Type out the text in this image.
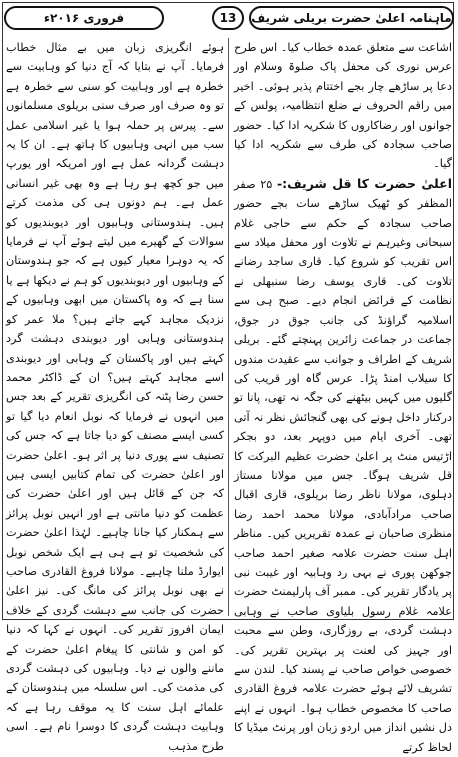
فروری ۲۰۱۶ء	13 ماہنامہ اعلیٰ حضرت بریلی شریف

اشاعت سے متعلق عمدہ خطاب کیا۔ اس طرح عرس نوری کی محفل پاک صلوۃ وسلام اور دعا پر ساڑھے چار بجے اختتام پذیر ہوئی۔ اخیر میں راقم الحروف نے ضلع انتظامیہ، پولس کے جوانوں اور رضاکاروں کا شکریہ ادا کیا۔ حضور صاحب سجادہ کی طرف سے شکریہ ادا کیا گیا۔

اعلیٰ حضرت کا قل شریف:- ۲۵ صفر المظفر کو ٹھیک ساڑھے سات بجے حضور صاحب سجادہ کے حکم سے حاجی غلام سبحانی وغیرہم نے تلاوت اور محفل میلاد سے اس تقریب کو شروع کیا۔ قاری ساجد رضانے تلاوت کی۔ قاری یوسف رضا سنبھلی نے نظامت کے فرائض انجام دیے۔ صبح ہی سے اسلامیہ گراؤنڈ کی جانب جوق در جوق، جماعت در جماعت زائرین پہنچتے گئے۔ بریلی شریف کے اطراف و جوانب سے عقیدت مندوں کا سیلاب امنڈ پڑا۔ عرس گاہ اور قریب کی گلیوں میں کہیں بیٹھنے کی جگہ نہ تھی، پانا تو درکنار داخل ہونے کی بھی گنجائش نظر نہ آتی تھی۔ آخری ایام میں دوپہر بعد، دو بجکر اڑتیس منٹ پر اعلیٰ حضرت عظیم البرکت کا قل شریف ہوگا۔ جس میں مولانا مستاز دہلوی، مولانا ناظر رضا بریلوی، قاری اقبال صاحب مرادآبادی، مولانا محمد احمد رضا منظری صاحبان نے عمدہ تقریریں کیں۔ مناظر اہل سنت حضرت علامہ صغیر احمد صاحب جوکھن پوری نے بہی رد وہابیہ اور غیبت نبی پر یادگار تقریر کی۔ ممبر آف پارلیمنٹ حضرت علامہ غلام رسول بلیاوی صاحب نے وہابی دہشت گردی، بے روزگاری، وطن سے محبت اور جہیز کی لعنت پر بہترین تقریر کی۔ خصوصی خواص صاحب نے پسند کیا۔ لندن سے تشریف لائے ہوئے حضرت علامہ فروغ القادری صاحب کا مخصوص خطاب ہوا۔ انہوں نے اپنے دل نشیں انداز میں اردو زبان اور پرنٹ میڈیا کا لحاظ کرتے

ہوئے انگریزی زبان میں بے مثال خطاب فرمایا۔ آپ نے بتایا کہ آج دنیا کو وہابیت سے خطرہ ہے اور وہابیت کو سنی سے خطرہ ہے تو وہ صرف اور صرف سنی بریلوی مسلمانوں سے۔ پیرس پر حملہ ہوا یا غیر اسلامی عمل سب میں انہی وہابیوں کا ہاتھ ہے۔ ان کا یہ دہشت گردانہ عمل ہے اور امریکہ اور یورپ میں جو کچھ ہو رہا ہے وہ بھی غیر انسانی عمل ہے۔ ہم دونوں ہی کی مذمت کرتے ہیں۔ ہندوستانی وہابیوں اور دیوبندیوں کو سوالات کے گھیرے میں لیتے ہوئے آپ نے فرمایا کہ یہ دوہرا معیار کیوں ہے کہ جو ہندوستان کے وہابیوں اور دیوبندیوں کو ہم نے دیکھا ہے یا سنا ہے کہ وہ پاکستان میں ابھی وہابیوں کے نزدیک مجاہد کہے جاتے ہیں؟ ملا عمر کو ہندوستانی وہابی اور دیوبندی دہشت گرد کہتے ہیں اور پاکستان کے وہابی اور دیوبندی اسے مجاہد کہتے ہیں؟ ان کے ڈاکٹر محمد حسن رضا پٹنہ کی انگریزی تقریر کے بعد جس میں انہوں نے فرمایا کہ نوبل انعام دیا گیا تو کسی ایسے مصنف کو دیا جاتا ہے کہ جس کی تصنیف سے پوری دنیا پر اثر ہو۔ اعلیٰ حضرت اور اعلیٰ حضرت کی تمام کتابیں ایسی ہیں کہ جن کے قائل ہیں اور اعلیٰ حضرت کی عظمت کو دنیا مانتی ہے اور انہیں نوبل پرائز سے ہمکنار کیا جانا چاہیے۔ لہٰذا اعلیٰ حضرت کی شخصیت تو ہے ہی ہے ایک شخص نوبل ایوارڈ ملنا چاہیے۔ مولانا فروغ القادری صاحب نے بھی نوبل پرائز کی مانگ کی۔ نیز اعلیٰ حضرت کی جانب سے دہشت گردی کے خلاف ایمان افروز تقریر کی۔ انہوں نے کہا کہ دنیا کو امن و شانتی کا پیغام اعلیٰ حضرت کے ماننے والوں نے دیا۔ وہابیوں کی دہشت گردی کی مذمت کی۔ اس سلسلہ میں ہندوستان کے علمائے اہل سنت کا یہ موقف رہا ہے کہ وہابیت دہشت گردی کا دوسرا نام ہے۔ اسی طرح مذہب
